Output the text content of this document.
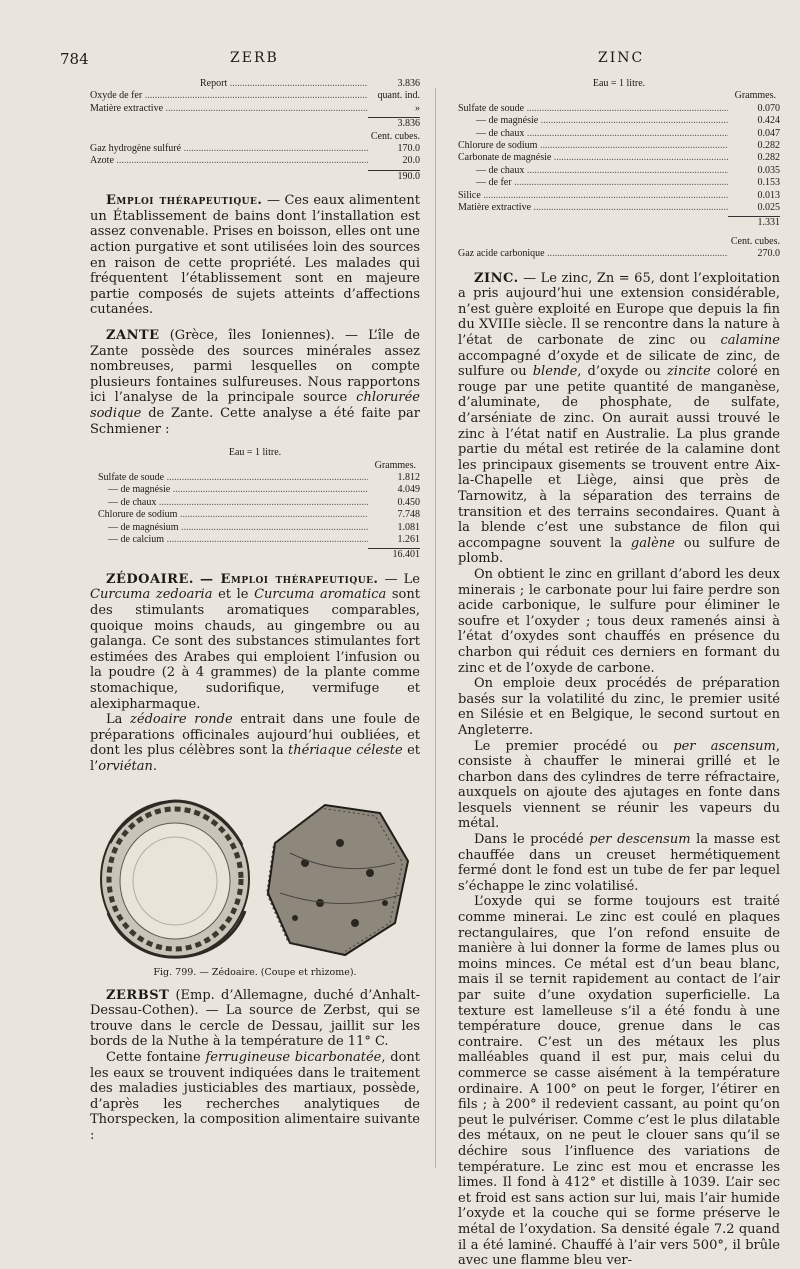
784	ZERB	ZINC
Report .....	3.836
Oxyde de fer .....	quant. ind.
Matière extractive .....	»
3.836
Cent. cubes.
Gaz hydrogène sulfuré .....	170.0
Azote .....	20.0
190.0

Emploi thérapeutique. — Ces eaux alimentent un Établissement de bains dont l’installation est assez convenable. Prises en boisson, elles ont une action purgative et sont utilisées loin des sources en raison de cette propriété. Les malades qui fréquentent l’établissement sont en majeure partie composés de sujets atteints d’affections cutanées.

ZANTE (Grèce, îles Ioniennes). — L’île de Zante possède des sources minérales assez nombreuses, parmi lesquelles on compte plusieurs fontaines sulfureuses. Nous rapportons ici l’analyse de la principale source chlorurée sodique de Zante. Cette analyse a été faite par Schmiener :

Eau = 1 litre.
Grammes.
Sulfate de soude .....	1.812
— de magnésie .....	4.049
— de chaux .....	0.450
Chlorure de sodium .....	7.748
— de magnésium .....	1.081
— de calcium .....	1.261
16.401

ZÉDOAIRE. — Emploi thérapeutique. — Le Curcuma zedoaria et le Curcuma aromatica sont des stimulants aromatiques comparables, quoique moins chauds, au gingembre ou au galanga. Ce sont des substances stimulantes fort estimées des Arabes qui emploient l’infusion ou la poudre (2 à 4 grammes) de la plante comme stomachique, sudorifique, vermifuge et alexipharmaque.

La zédoaire ronde entrait dans une foule de préparations officinales aujourd’hui oubliées, et dont les plus célèbres sont la thériaque céleste et l’orviétan.

Fig. 799. — Zédoaire. (Coupe et rhizome).

ZERBST (Emp. d’Allemagne, duché d’Anhalt-Dessau-Cothen). — La source de Zerbst, qui se trouve dans le cercle de Dessau, jaillit sur les bords de la Nuthe à la température de 11° C.

Cette fontaine ferrugineuse bicarbonatée, dont les eaux se trouvent indiquées dans le traitement des maladies justiciables des martiaux, possède, d’après les recherches analytiques de Thorspecken, la composition alimentaire suivante :

Eau = 1 litre.
Grammes.
Sulfate de soude .....	0.070
— de magnésie .....	0.424
— de chaux .....	0.047
Chlorure de sodium .....	0.282
Carbonate de magnésie .....	0.282
— de chaux .....	0.035
— de fer .....	0.153
Silice .....	0.013
Matière extractive .....	0.025
1.331
Cent. cubes.
Gaz acide carbonique .....	270.0

ZINC. — Le zinc, Zn = 65, dont l’exploitation a pris aujourd’hui une extension considérable, n’est guère exploité en Europe que depuis la fin du XVIIIe siècle. Il se rencontre dans la nature à l’état de carbonate de zinc ou calamine accompagné d’oxyde et de silicate de zinc, de sulfure ou blende, d’oxyde ou zincite coloré en rouge par une petite quantité de manganèse, d’aluminate, de phosphate, de sulfate, d’arséniate de zinc. On aurait aussi trouvé le zinc à l’état natif en Australie. La plus grande partie du métal est retirée de la calamine dont les principaux gisements se trouvent entre Aix-la-Chapelle et Liège, ainsi que près de Tarnowitz, à la séparation des terrains de transition et des terrains secondaires. Quant à la blende c’est une substance de filon qui accompagne souvent la galène ou sulfure de plomb.

On obtient le zinc en grillant d’abord les deux minerais ; le carbonate pour lui faire perdre son acide carbonique, le sulfure pour éliminer le soufre et l’oxyder ; tous deux ramenés ainsi à l’état d’oxydes sont chauffés en présence du charbon qui réduit ces derniers en formant du zinc et de l’oxyde de carbone.

On emploie deux procédés de préparation basés sur la volatilité du zinc, le premier usité en Silésie et en Belgique, le second surtout en Angleterre.

Le premier procédé ou per ascensum, consiste à chauffer le minerai grillé et le charbon dans des cylindres de terre réfractaire, auxquels on ajoute des ajutages en fonte dans lesquels viennent se réunir les vapeurs du métal.

Dans le procédé per descensum la masse est chauffée dans un creuset hermétiquement fermé dont le fond est un tube de fer par lequel s’échappe le zinc volatilisé.

L’oxyde qui se forme toujours est traité comme minerai. Le zinc est coulé en plaques rectangulaires, que l’on refond ensuite de manière à lui donner la forme de lames plus ou moins minces. Ce métal est d’un beau blanc, mais il se ternit rapidement au contact de l’air par suite d’une oxydation superficielle. La texture est lamelleuse s’il a été fondu à une température douce, grenue dans le cas contraire. C’est un des métaux les plus malléables quand il est pur, mais celui du commerce se casse aisément à la température ordinaire. A 100° on peut le forger, l’étirer en fils ; à 200° il redevient cassant, au point qu’on peut le pulvériser. Comme c’est le plus dilatable des métaux, on ne peut le clouer sans qu’il se déchire sous l’influence des variations de température. Le zinc est mou et encrasse les limes. Il fond à 412° et distille à 1039. L’air sec et froid est sans action sur lui, mais l’air humide l’oxyde et la couche qui se forme préserve le métal de l’oxydation. Sa densité égale 7.2 quand il a été laminé. Chauffé à l’air vers 500°, il brûle avec une flamme bleu ver-
